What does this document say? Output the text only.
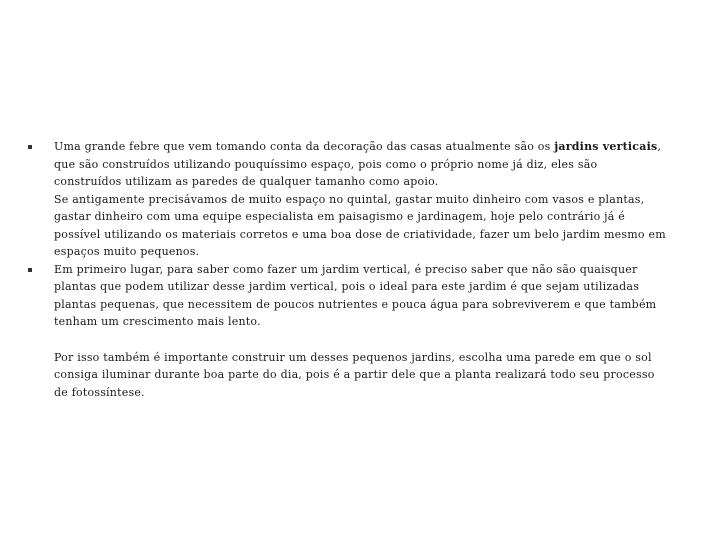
Uma grande febre que vem tomando conta da decoração das casas atualmente são os jardins verticais, que são construídos utilizando pouquíssimo espaço, pois como o próprio nome já diz, eles são construídos utilizam as paredes de qualquer tamanho como apoio.

Se antigamente precisávamos de muito espaço no quintal, gastar muito dinheiro com vasos e plantas, gastar dinheiro com uma equipe especialista em paisagismo e jardinagem, hoje pelo contrário já é possível utilizando os materiais corretos e uma boa dose de criatividade, fazer um belo jardim mesmo em espaços muito pequenos.

Em primeiro lugar, para saber como fazer um jardim vertical, é preciso saber que não são quaisquer plantas que podem utilizar desse jardim vertical, pois o ideal para este jardim é que sejam utilizadas plantas pequenas, que necessitem de poucos nutrientes e pouca água para sobreviverem e que também tenham um crescimento mais lento.

Por isso também é importante construir um desses pequenos jardins, escolha uma parede em que o sol consiga iluminar durante boa parte do dia, pois é a partir dele que a planta realizará todo seu processo de fotossíntese.
